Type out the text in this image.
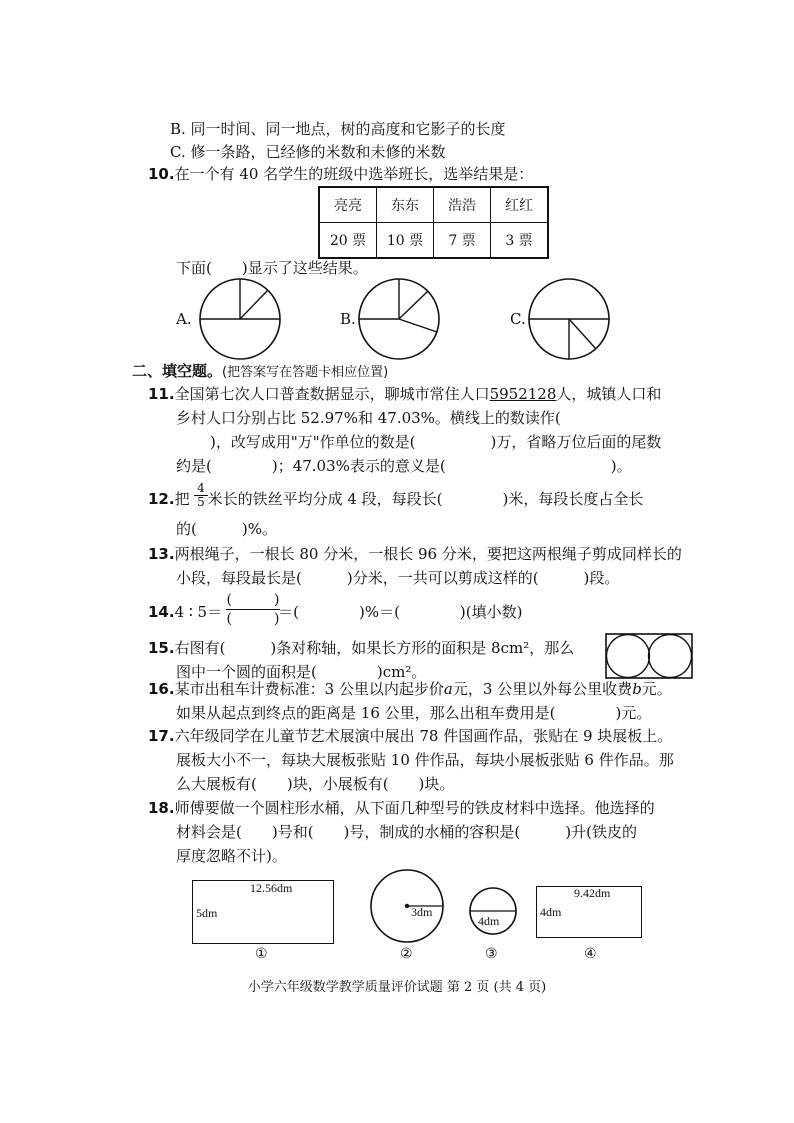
B. 同一时间、同一地点，树的高度和它影子的长度
C. 修一条路，已经修的米数和未修的米数
10.在一个有 40 名学生的班级中选举班长，选举结果是：
亮亮	东东	浩浩	红红
20 票	10 票	7 票	3 票
下面(　　)显示了这些结果。
A.	B.	C.
二、填空题。(把答案写在答题卡相应位置)
11.全国第七次人口普查数据显示，聊城市常住人口5952128人，城镇人口和
乡村人口分别占比 52.97%和 47.03%。横线上的数读作(
)，改写成用"万"作单位的数是(　　　　　)万，省略万位后面的尾数
约是(　　　　)；47.03%表示的意义是(　　　　　　　　　　　)。
12.把 米长的铁丝平均分成 4 段，每段长(　　　　)米，每段长度占全长
$\frac{4}{5}$
的(　　　)%。
13.两根绳子，一根长 80 分米，一根长 96 分米，要把这两根绳子剪成同样长的
小段，每段最长是(　　　)分米，一共可以剪成这样的(　　　)段。
14.4 ∶ 5＝	＝(　　　　)%＝(　　　　)(填小数)
(　　　)
(　　　)
15.右图有(　　　)条对称轴，如果长方形的面积是 8cm²，那么
图中一个圆的面积是(　　　　)cm²。
16.某市出租车计费标准：3 公里以内起步价a元，3 公里以外每公里收费b元。
如果从起点到终点的距离是 16 公里，那么出租车费用是(　　　　)元。
17.六年级同学在儿童节艺术展演中展出 78 件国画作品，张贴在 9 块展板上。
展板大小不一，每块大展板张贴 10 件作品，每块小展板张贴 6 件作品。那
么大展板有(　　)块，小展板有(　　)块。
18.师傅要做一个圆柱形水桶，从下面几种型号的铁皮材料中选择。他选择的
材料会是(　　)号和(　　)号，制成的水桶的容积是(　　　)升(铁皮的
厚度忽略不计)。
12.56dm
5dm
①
3dm
②
4dm
③
9.42dm
4dm
④
小学六年级数学教学质量评价试题 第 2 页 (共 4 页)
